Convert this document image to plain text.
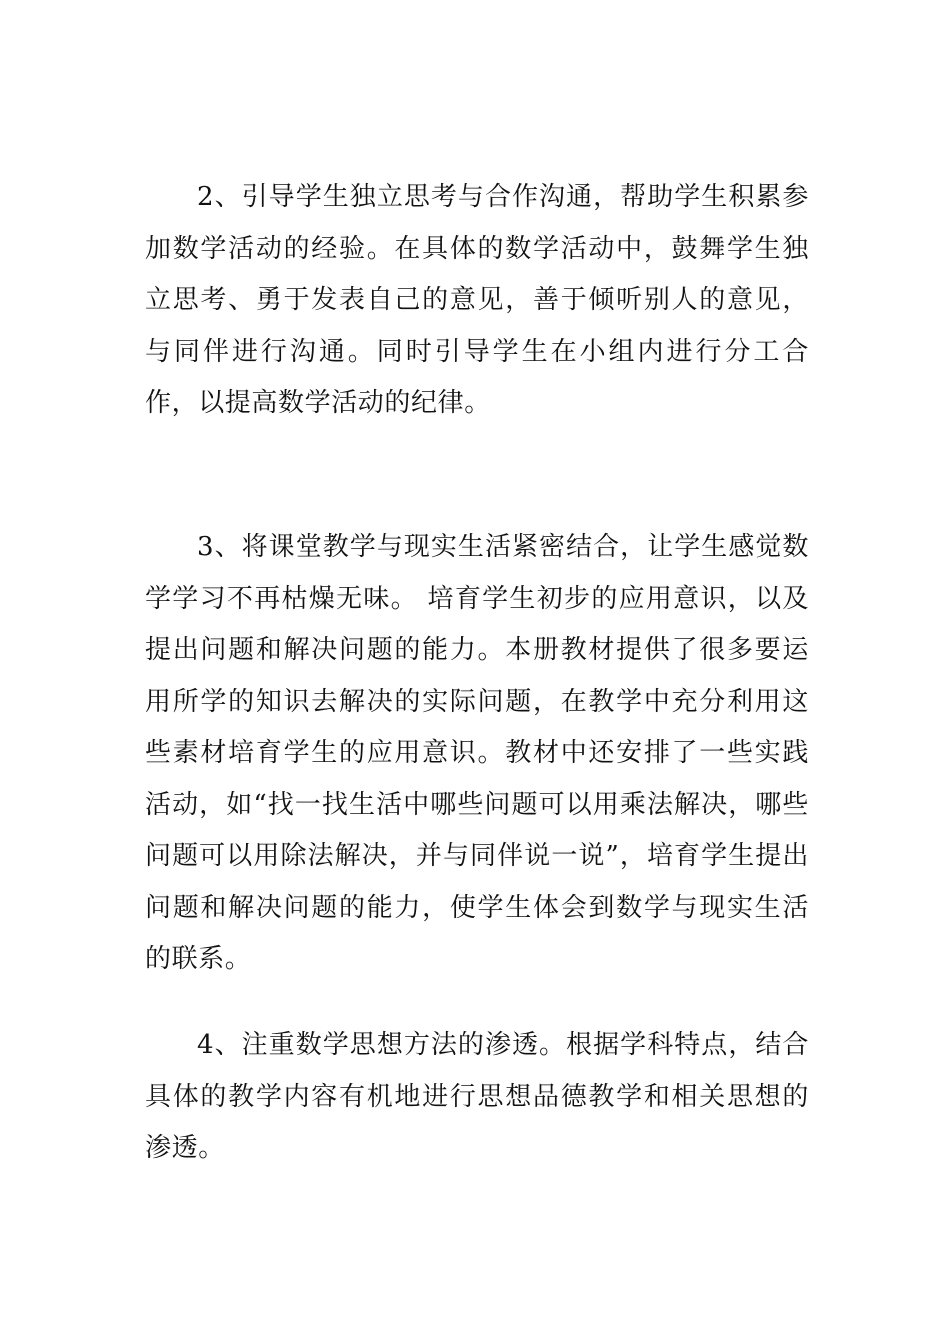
2、引导学生独立思考与合作沟通，帮助学生积累参加数学活动的经验。在具体的数学活动中，鼓舞学生独立思考、勇于发表自己的意见，善于倾听别人的意见，与同伴进行沟通。同时引导学生在小组内进行分工合作，以提高数学活动的纪律。

3、将课堂教学与现实生活紧密结合，让学生感觉数学学习不再枯燥无味。 培育学生初步的应用意识，以及提出问题和解决问题的能力。本册教材提供了很多要运用所学的知识去解决的实际问题，在教学中充分利用这些素材培育学生的应用意识。教材中还安排了一些实践活动，如“找一找生活中哪些问题可以用乘法解决，哪些问题可以用除法解决，并与同伴说一说”，培育学生提出问题和解决问题的能力，使学生体会到数学与现实生活的联系。

4、注重数学思想方法的渗透。根据学科特点，结合具体的教学内容有机地进行思想品德教学和相关思想的渗透。
